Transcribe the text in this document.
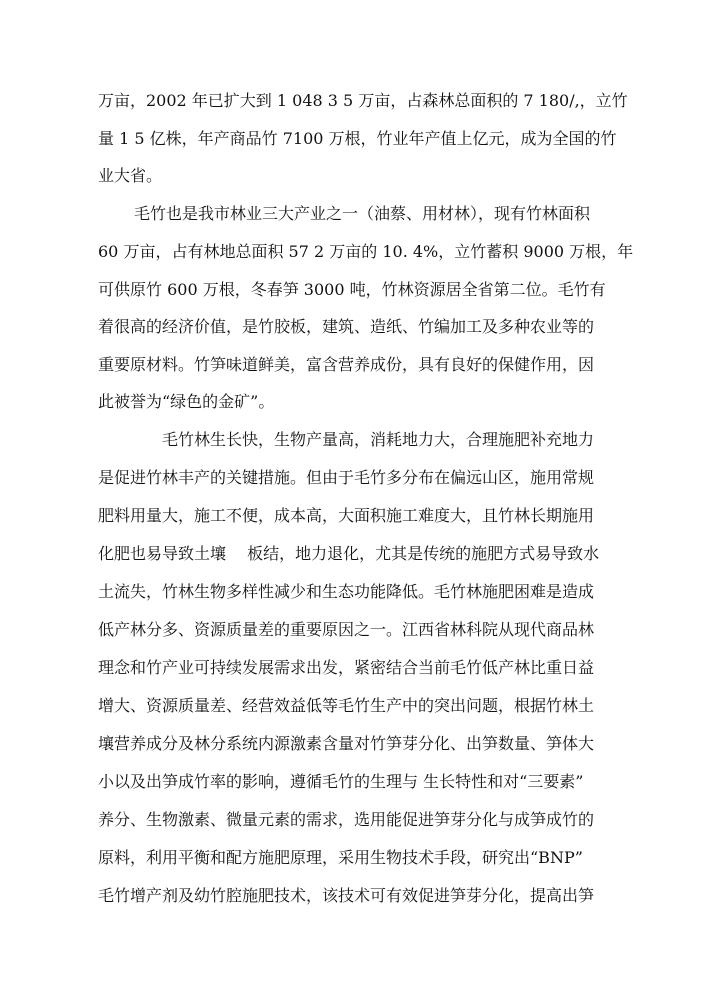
万亩，2002 年已扩大到 1 048 3 5 万亩，占森林总面积的 7 180/,，立竹
量 1 5 亿株，年产商品竹 7100 万根，竹业年产值上亿元，成为全国的竹
业大省。
毛竹也是我市林业三大产业之一（油蔡、用材林），现有竹林面积
60 万亩，占有林地总面积 57 2 万亩的 10. 4%，立竹蓄积 9000 万根，年
可供原竹 600 万根，冬春笋 3000 吨，竹林资源居全省第二位。毛竹有
着很高的经济价值，是竹胶板，建筑、造纸、竹编加工及多种农业等的
重要原材料。竹笋味道鲜美，富含营养成份，具有良好的保健作用，因
此被誉为“绿色的金矿”。
毛竹林生长快，生物产量高，消耗地力大，合理施肥补充地力
是促进竹林丰产的关键措施。但由于毛竹多分布在偏远山区，施用常规
肥料用量大，施工不便，成本高，大面积施工难度大，且竹林长期施用
化肥也易导致土壤　 板结，地力退化，尤其是传统的施肥方式易导致水
土流失，竹林生物多样性减少和生态功能降低。毛竹林施肥困难是造成
低产林分多、资源质量差的重要原因之一。江西省林科院从现代商品林
理念和竹产业可持续发展需求出发，紧密结合当前毛竹低产林比重日益
增大、资源质量差、经营效益低等毛竹生产中的突出问题，根据竹林土
壤营养成分及林分系统内源激素含量对竹笋芽分化、出笋数量、笋体大
小以及出笋成竹率的影响，遵循毛竹的生理与 生长特性和对“三要素”
养分、生物激素、微量元素的需求，选用能促进笋芽分化与成笋成竹的
原料，利用平衡和配方施肥原理，采用生物技术手段，研究出“BNP”
毛竹增产剂及幼竹腔施肥技术，该技术可有效促进笋芽分化，提高出笋
